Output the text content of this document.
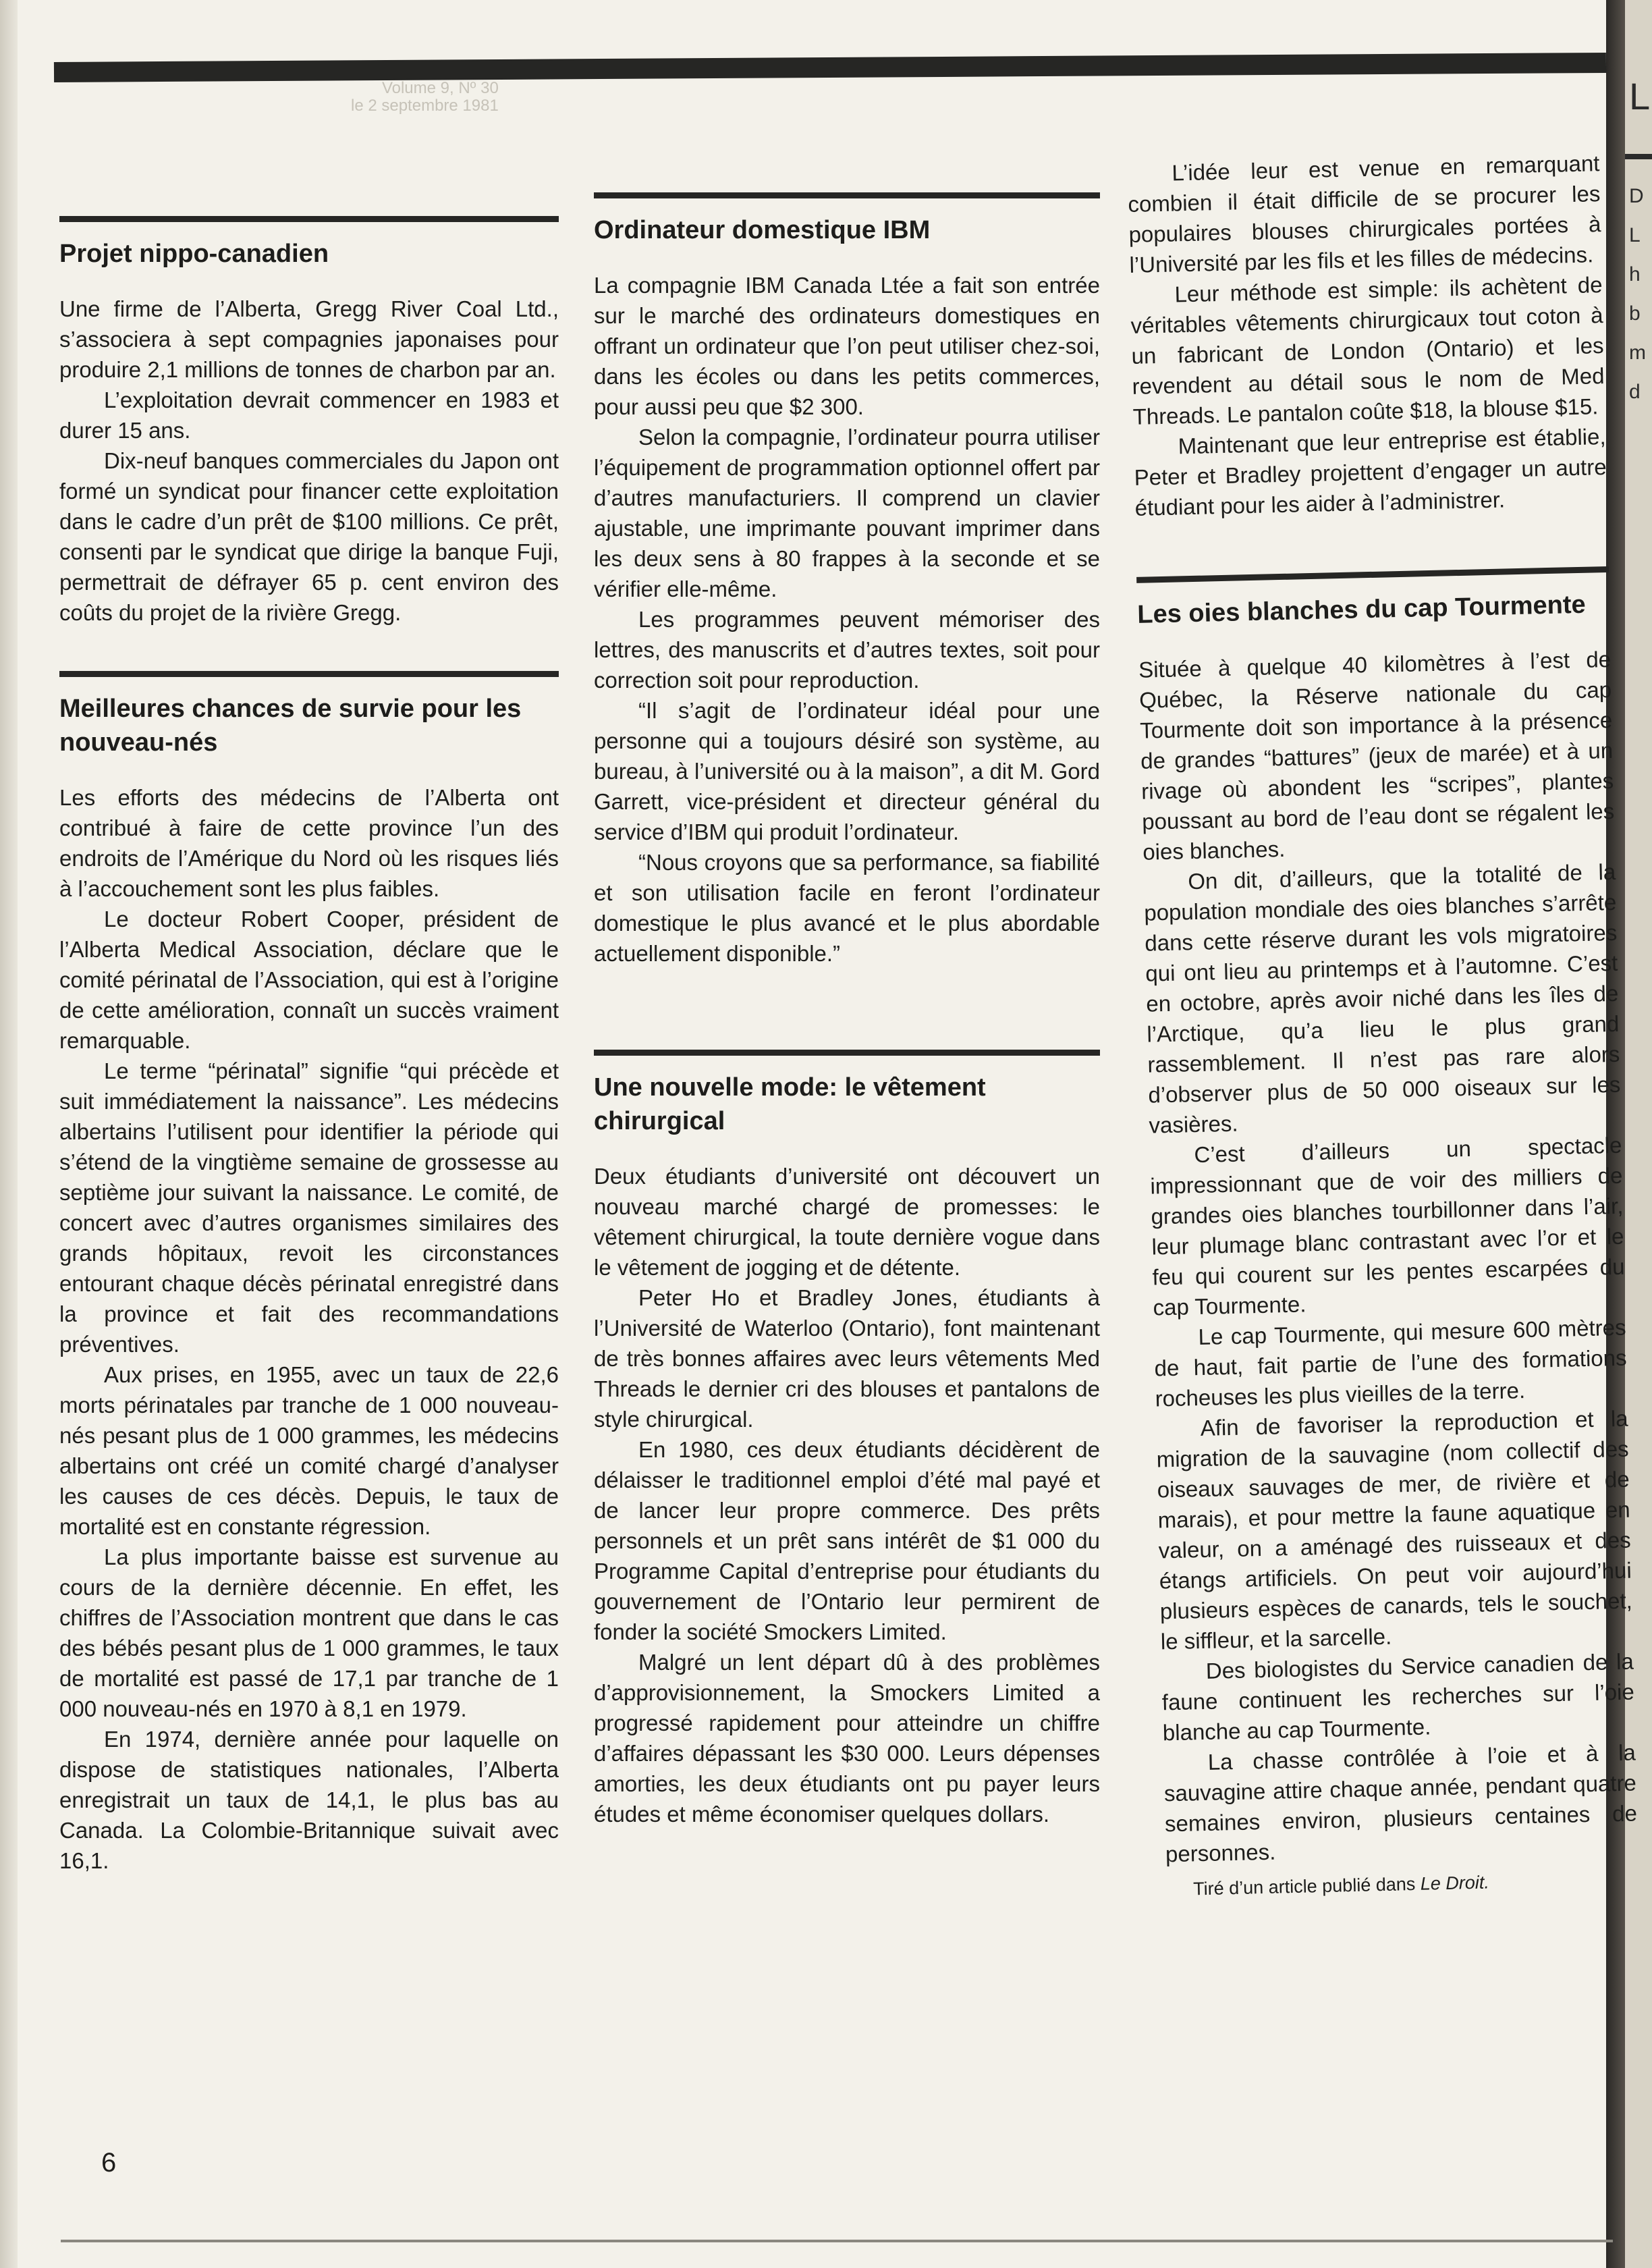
Volume 9, Nº 30
le 2 septembre 1981	L
D
L
h
b
m
d
Projet nippo-canadien

Une firme de l’Alberta, Gregg River Coal Ltd., s’associera à sept compagnies japonaises pour produire 2,1 millions de tonnes de charbon par an.

L’exploitation devrait commencer en 1983 et durer 15 ans.

Dix-neuf banques commerciales du Japon ont formé un syndicat pour financer cette exploitation dans le cadre d’un prêt de $100 millions. Ce prêt, consenti par le syndicat que dirige la banque Fuji, permettrait de défrayer 65 p. cent environ des coûts du projet de la rivière Gregg.

Meilleures chances de survie pour les nouveau-nés

Les efforts des médecins de l’Alberta ont contribué à faire de cette province l’un des endroits de l’Amérique du Nord où les risques liés à l’accouchement sont les plus faibles.

Le docteur Robert Cooper, président de l’Alberta Medical Association, déclare que le comité périnatal de l’Association, qui est à l’origine de cette amélioration, connaît un succès vraiment remarquable.

Le terme “périnatal” signifie “qui précède et suit immédiatement la naissance”. Les médecins albertains l’utilisent pour identifier la période qui s’étend de la vingtième semaine de grossesse au septième jour suivant la naissance. Le comité, de concert avec d’autres organismes similaires des grands hôpitaux, revoit les circonstances entourant chaque décès périnatal enregistré dans la province et fait des recommandations préventives.

Aux prises, en 1955, avec un taux de 22,6 morts périnatales par tranche de 1 000 nouveau-nés pesant plus de 1 000 grammes, les médecins albertains ont créé un comité chargé d’analyser les causes de ces décès. Depuis, le taux de mortalité est en constante régression.

La plus importante baisse est survenue au cours de la dernière décennie. En effet, les chiffres de l’Association montrent que dans le cas des bébés pesant plus de 1 000 grammes, le taux de mortalité est passé de 17,1 par tranche de 1 000 nouveau-nés en 1970 à 8,1 en 1979.

En 1974, dernière année pour laquelle on dispose de statistiques nationales, l’Alberta enregistrait un taux de 14,1, le plus bas au Canada. La Colombie-Britannique suivait avec 16,1.

Ordinateur domestique IBM

La compagnie IBM Canada Ltée a fait son entrée sur le marché des ordinateurs domestiques en offrant un ordinateur que l’on peut utiliser chez-soi, dans les écoles ou dans les petits commerces, pour aussi peu que $2 300.

Selon la compagnie, l’ordinateur pourra utiliser l’équipement de programmation optionnel offert par d’autres manufacturiers. Il comprend un clavier ajustable, une imprimante pouvant imprimer dans les deux sens à 80 frappes à la seconde et se vérifier elle-même.

Les programmes peuvent mémoriser des lettres, des manuscrits et d’autres textes, soit pour correction soit pour reproduction.

“Il s’agit de l’ordinateur idéal pour une personne qui a toujours désiré son système, au bureau, à l’université ou à la maison”, a dit M. Gord Garrett, vice-président et directeur général du service d’IBM qui produit l’ordinateur.

“Nous croyons que sa performance, sa fiabilité et son utilisation facile en feront l’ordinateur domestique le plus avancé et le plus abordable actuellement disponible.”

Une nouvelle mode: le vêtement chirurgical

Deux étudiants d’université ont découvert un nouveau marché chargé de promesses: le vêtement chirurgical, la toute dernière vogue dans le vêtement de jogging et de détente.

Peter Ho et Bradley Jones, étudiants à l’Université de Waterloo (Ontario), font maintenant de très bonnes affaires avec leurs vêtements Med Threads le dernier cri des blouses et pantalons de style chirurgical.

En 1980, ces deux étudiants décidèrent de délaisser le traditionnel emploi d’été mal payé et de lancer leur propre commerce. Des prêts personnels et un prêt sans intérêt de $1 000 du Programme Capital d’entreprise pour étudiants du gouvernement de l’Ontario leur permirent de fonder la société Smockers Limited.

Malgré un lent départ dû à des problèmes d’approvisionnement, la Smockers Limited a progressé rapidement pour atteindre un chiffre d’affaires dépassant les $30 000. Leurs dépenses amorties, les deux étudiants ont pu payer leurs études et même économiser quelques dollars.

L’idée leur est venue en remarquant combien il était difficile de se procurer les populaires blouses chirurgicales portées à l’Université par les fils et les filles de médecins.

Leur méthode est simple: ils achètent de véritables vêtements chirurgicaux tout coton à un fabricant de London (Ontario) et les revendent au détail sous le nom de Med Threads. Le pantalon coûte $18, la blouse $15.

Maintenant que leur entreprise est établie, Peter et Bradley projettent d’engager un autre étudiant pour les aider à l’administrer.

Les oies blanches du cap Tourmente

Située à quelque 40 kilomètres à l’est de Québec, la Réserve nationale du cap Tourmente doit son importance à la présence de grandes “battures” (jeux de marée) et à un rivage où abondent les “scripes”, plantes poussant au bord de l’eau dont se régalent les oies blanches.

On dit, d’ailleurs, que la totalité de la population mondiale des oies blanches s’arrête dans cette réserve durant les vols migratoires qui ont lieu au printemps et à l’automne. C’est en octobre, après avoir niché dans les îles de l’Arctique, qu’a lieu le plus grand rassemblement. Il n’est pas rare alors d’observer plus de 50 000 oiseaux sur les vasières.

C’est d’ailleurs un spectacle impressionnant que de voir des milliers de grandes oies blanches tourbillonner dans l’air, leur plumage blanc contrastant avec l’or et le feu qui courent sur les pentes escarpées du cap Tourmente.

Le cap Tourmente, qui mesure 600 mètres de haut, fait partie de l’une des formations rocheuses les plus vieilles de la terre.

Afin de favoriser la reproduction et la migration de la sauvagine (nom collectif des oiseaux sauvages de mer, de rivière et de marais), et pour mettre la faune aquatique en valeur, on a aménagé des ruisseaux et des étangs artificiels. On peut voir aujourd’hui plusieurs espèces de canards, tels le souchet, le siffleur, et la sarcelle.

Des biologistes du Service canadien de la faune continuent les recherches sur l’oie blanche au cap Tourmente.

La chasse contrôlée à l’oie et à la sauvagine attire chaque année, pendant quatre semaines environ, plusieurs centaines de personnes.

Tiré d’un article publié dans Le Droit.
6
